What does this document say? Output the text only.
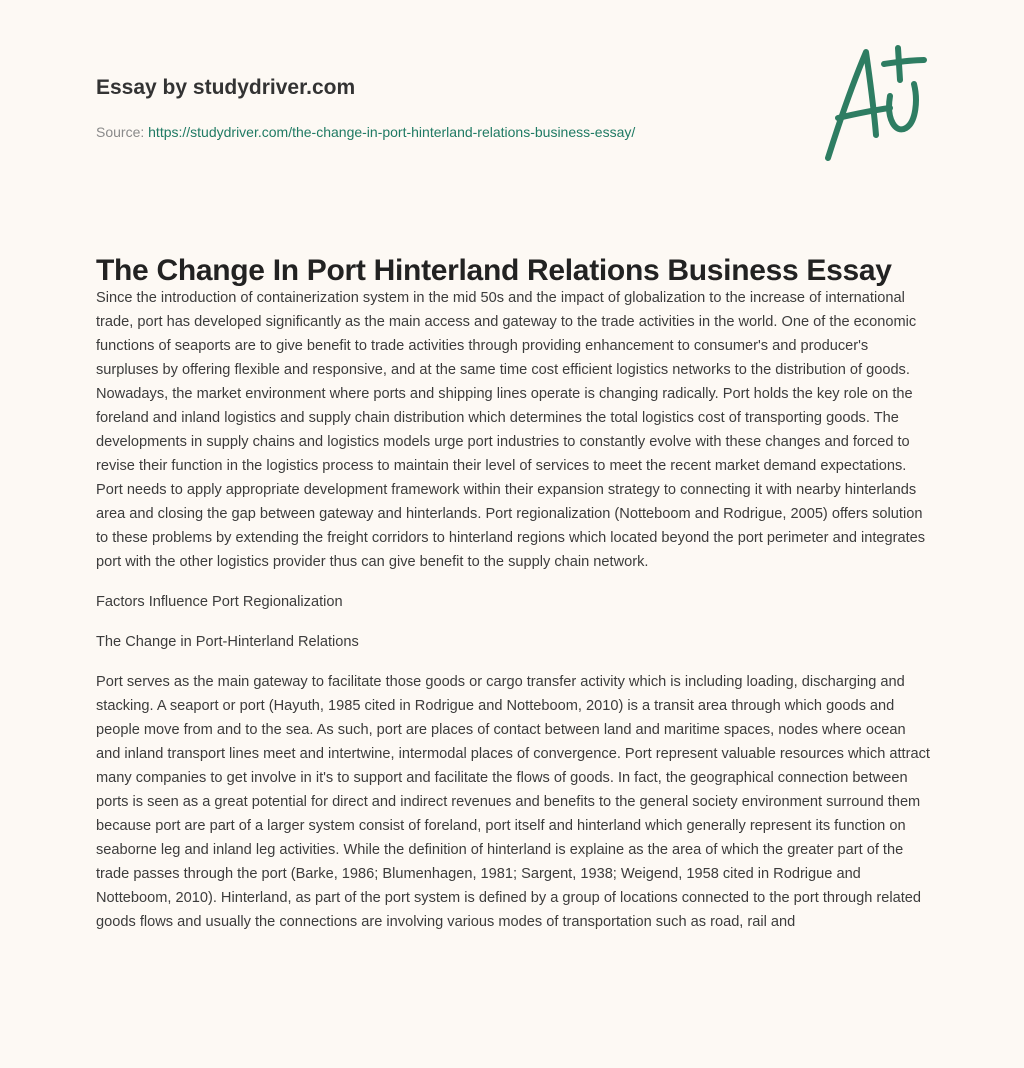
Essay by studydriver.com
Source: https://studydriver.com/the-change-in-port-hinterland-relations-business-essay/
The Change In Port Hinterland Relations Business Essay

Since the introduction of containerization system in the mid 50s and the impact of globalization to the increase of international trade, port has developed significantly as the main access and gateway to the trade activities in the world. One of the economic functions of seaports are to give benefit to trade activities through providing enhancement to consumer's and producer's surpluses by offering flexible and responsive, and at the same time cost efficient logistics networks to the distribution of goods. Nowadays, the market environment where ports and shipping lines operate is changing radically. Port holds the key role on the foreland and inland logistics and supply chain distribution which determines the total logistics cost of transporting goods. The developments in supply chains and logistics models urge port industries to constantly evolve with these changes and forced to revise their function in the logistics process to maintain their level of services to meet the recent market demand expectations. Port needs to apply appropriate development framework within their expansion strategy to connecting it with nearby hinterlands area and closing the gap between gateway and hinterlands. Port regionalization (Notteboom and Rodrigue, 2005) offers solution to these problems by extending the freight corridors to hinterland regions which located beyond the port perimeter and integrates port with the other logistics provider thus can give benefit to the supply chain network.

Factors Influence Port Regionalization

The Change in Port-Hinterland Relations

Port serves as the main gateway to facilitate those goods or cargo transfer activity which is including loading, discharging and stacking. A seaport or port (Hayuth, 1985 cited in Rodrigue and Notteboom, 2010) is a transit area through which goods and people move from and to the sea. As such, port are places of contact between land and maritime spaces, nodes where ocean and inland transport lines meet and intertwine, intermodal places of convergence. Port represent valuable resources which attract many companies to get involve in it's to support and facilitate the flows of goods. In fact, the geographical connection between ports is seen as a great potential for direct and indirect revenues and benefits to the general society environment surround them because port are part of a larger system consist of foreland, port itself and hinterland which generally represent its function on seaborne leg and inland leg activities. While the definition of hinterland is explaine as the area of which the greater part of the trade passes through the port (Barke, 1986; Blumenhagen, 1981; Sargent, 1938; Weigend, 1958 cited in Rodrigue and Notteboom, 2010). Hinterland, as part of the port system is defined by a group of locations connected to the port through related goods flows and usually the connections are involving various modes of transportation such as road, rail and
